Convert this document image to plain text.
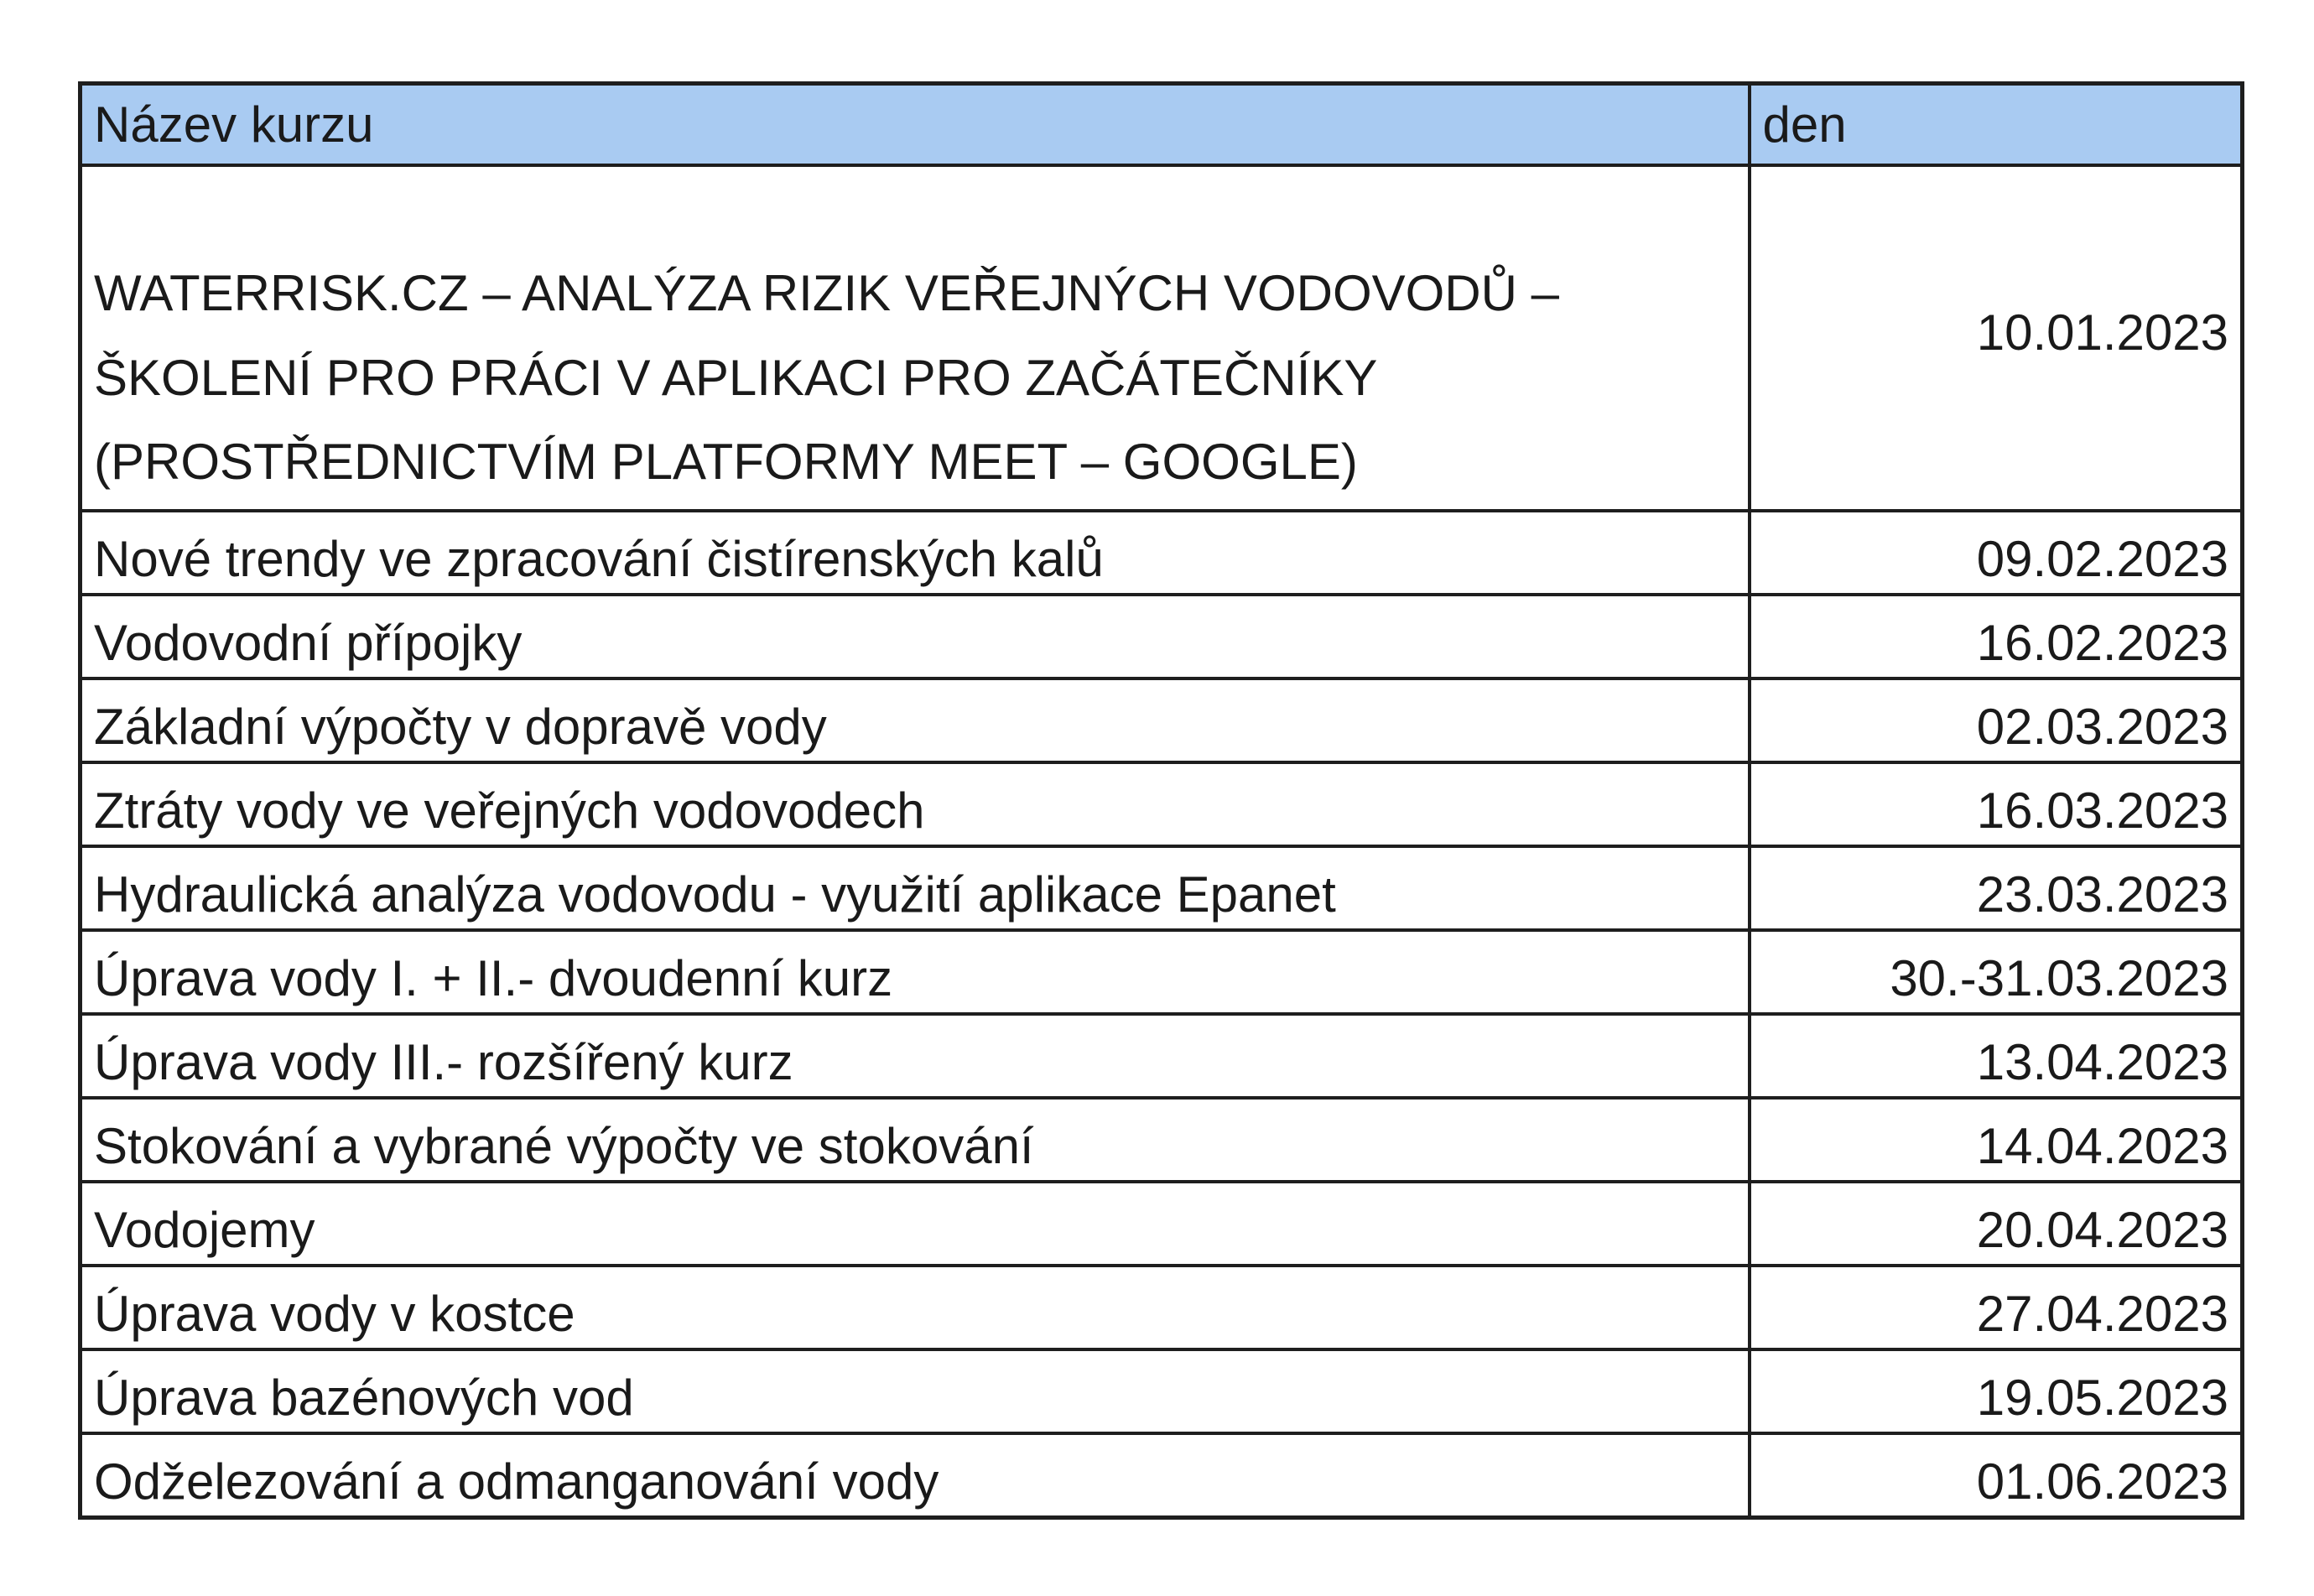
Název kurzu	den
WATERRISK.CZ – ANALÝZA RIZIK VEŘEJNÝCH VODOVODŮ – ŠKOLENÍ PRO PRÁCI V APLIKACI PRO ZAČÁTEČNÍKY (PROSTŘEDNICTVÍM PLATFORMY MEET – GOOGLE)	10.01.2023
Nové trendy ve zpracování čistírenských kalů	09.02.2023
Vodovodní přípojky	16.02.2023
Základní výpočty v dopravě vody	02.03.2023
Ztráty vody ve veřejných vodovodech	16.03.2023
Hydraulická analýza vodovodu - využití aplikace Epanet	23.03.2023
Úprava vody I. + II.- dvoudenní kurz	30.-31.03.2023
Úprava vody III.- rozšířený kurz	13.04.2023
Stokování a vybrané výpočty ve stokování	14.04.2023
Vodojemy	20.04.2023
Úprava vody v kostce	27.04.2023
Úprava bazénových vod	19.05.2023
Odželezování a odmanganování vody	01.06.2023
